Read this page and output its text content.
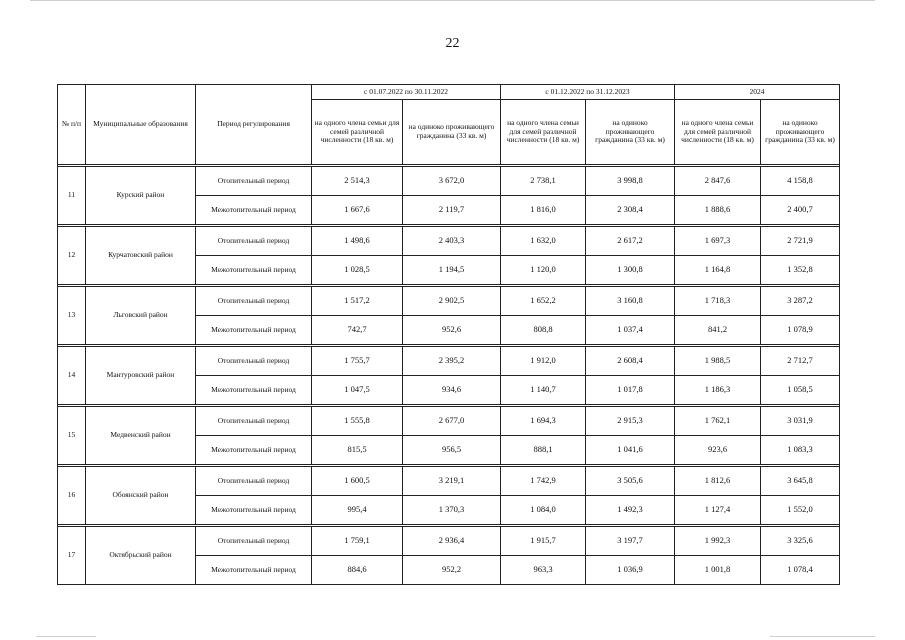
22
№ п/п	Муниципальные образования	Период регулирования	с 01.07.2022 по 30.11.2022		с 01.12.2022 по 31.12.2023		2024	
			на одного члена семьи для семей различной численности (18 кв. м)	на одиноко проживающего гражданина (33 кв. м)	на одного члена семьи для семей различной численности (18 кв. м)	на одиноко проживающего гражданина (33 кв. м)	на одного члена семьи для семей различной численности (18 кв. м)	на одиноко проживающего гражданина (33 кв. м)

11	Курский район	Отопительный период	2 514,3	3 672,0	2 738,1	3 998,8	2 847,6	4 158,8
		Межотопительный период	1 667,6	2 119,7	1 816,0	2 308,4	1 888,6	2 400,7

12	Курчатовский район	Отопительный период	1 498,6	2 403,3	1 632,0	2 617,2	1 697,3	2 721,9
		Межотопительный период	1 028,5	1 194,5	1 120,0	1 300,8	1 164,8	1 352,8

13	Льговский район	Отопительный период	1 517,2	2 902,5	1 652,2	3 160,8	1 718,3	3 287,2
		Межотопительный период	742,7	952,6	808,8	1 037,4	841,2	1 078,9

14	Мантуровский район	Отопительный период	1 755,7	2 395,2	1 912,0	2 608,4	1 988,5	2 712,7
		Межотопительный период	1 047,5	934,6	1 140,7	1 017,8	1 186,3	1 058,5

15	Медвенский район	Отопительный период	1 555,8	2 677,0	1 694,3	2 915,3	1 762,1	3 031,9
		Межотопительный период	815,5	956,5	888,1	1 041,6	923,6	1 083,3

16	Обоянский район	Отопительный период	1 600,5	3 219,1	1 742,9	3 505,6	1 812,6	3 645,8
		Межотопительный период	995,4	1 370,3	1 084,0	1 492,3	1 127,4	1 552,0

17	Октябрьский район	Отопительный период	1 759,1	2 936,4	1 915,7	3 197,7	1 992,3	3 325,6
		Межотопительный период	884,6	952,2	963,3	1 036,9	1 001,8	1 078,4
